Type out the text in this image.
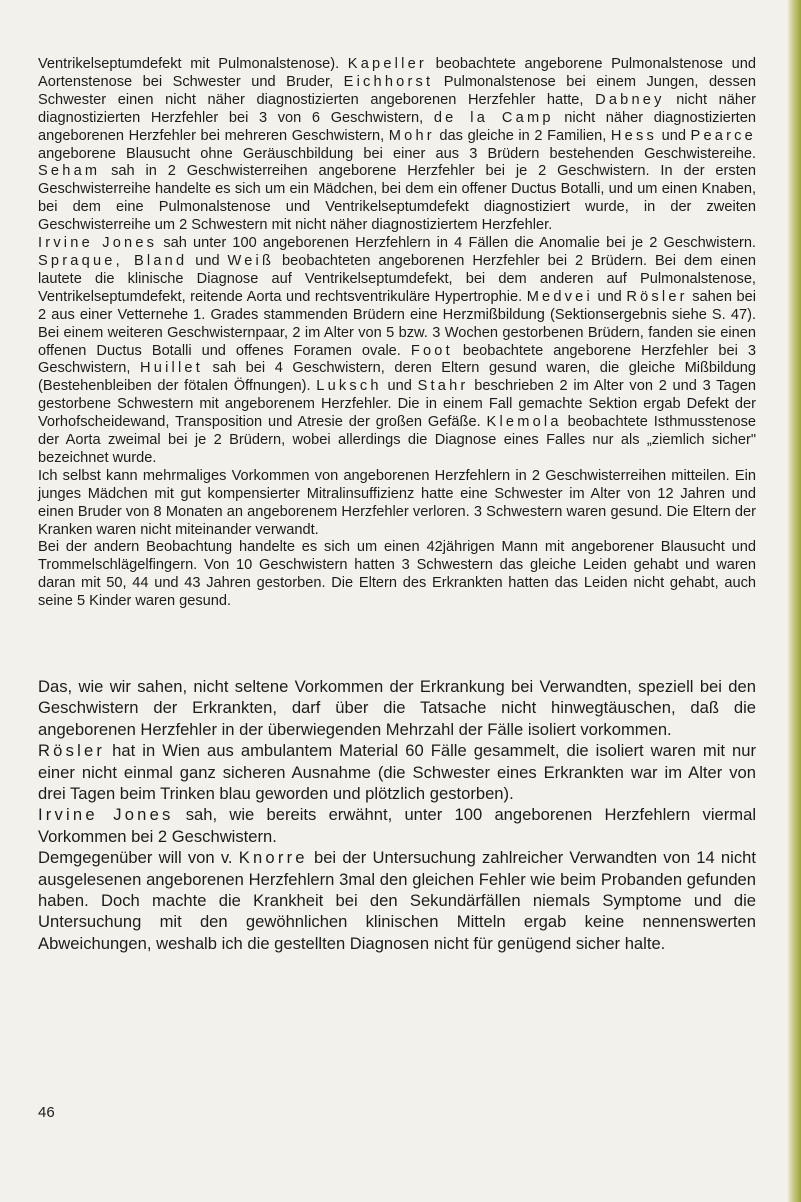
Ventrikelseptumdefekt mit Pulmonalstenose). Kapeller beobachtete angeborene Pulmonalstenose und Aortenstenose bei Schwester und Bruder, Eichhorst Pulmonalstenose bei einem Jungen, dessen Schwester einen nicht näher diagnostizierten angeborenen Herzfehler hatte, Dabney nicht näher diagnostizierten Herzfehler bei 3 von 6 Geschwistern, de la Camp nicht näher diagnostizierten angeborenen Herzfehler bei mehreren Geschwistern, Mohr das gleiche in 2 Familien, Hess und Pearce angeborene Blausucht ohne Geräuschbildung bei einer aus 3 Brüdern bestehenden Geschwistereihe. Seham sah in 2 Geschwisterreihen angeborene Herzfehler bei je 2 Geschwistern. In der ersten Geschwisterreihe handelte es sich um ein Mädchen, bei dem ein offener Ductus Botalli, und um einen Knaben, bei dem eine Pulmonalstenose und Ventrikelseptumdefekt diagnostiziert wurde, in der zweiten Geschwisterreihe um 2 Schwestern mit nicht näher diagnostiziertem Herzfehler.

Irvine Jones sah unter 100 angeborenen Herzfehlern in 4 Fällen die Anomalie bei je 2 Geschwistern. Spraque, Bland und Weiß beobachteten angeborenen Herzfehler bei 2 Brüdern. Bei dem einen lautete die klinische Diagnose auf Ventrikelseptumdefekt, bei dem anderen auf Pulmonalstenose, Ventrikelseptumdefekt, reitende Aorta und rechtsventrikuläre Hypertrophie. Medvei und Rösler sahen bei 2 aus einer Vetternehe 1. Grades stammenden Brüdern eine Herzmißbildung (Sektionsergebnis siehe S. 47). Bei einem weiteren Geschwisternpaar, 2 im Alter von 5 bzw. 3 Wochen gestorbenen Brüdern, fanden sie einen offenen Ductus Botalli und offenes Foramen ovale. Foot beobachtete angeborene Herzfehler bei 3 Geschwistern, Huillet sah bei 4 Geschwistern, deren Eltern gesund waren, die gleiche Mißbildung (Bestehenbleiben der fötalen Öffnungen). Luksch und Stahr beschrieben 2 im Alter von 2 und 3 Tagen gestorbene Schwestern mit angeborenem Herzfehler. Die in einem Fall gemachte Sektion ergab Defekt der Vorhofscheidewand, Transposition und Atresie der großen Gefäße. Klemola beobachtete Isthmusstenose der Aorta zweimal bei je 2 Brüdern, wobei allerdings die Diagnose eines Falles nur als „ziemlich sicher" bezeichnet wurde.

Ich selbst kann mehrmaliges Vorkommen von angeborenen Herzfehlern in 2 Geschwisterreihen mitteilen. Ein junges Mädchen mit gut kompensierter Mitralinsuffizienz hatte eine Schwester im Alter von 12 Jahren und einen Bruder von 8 Monaten an angeborenem Herzfehler verloren. 3 Schwestern waren gesund. Die Eltern der Kranken waren nicht miteinander verwandt.

Bei der andern Beobachtung handelte es sich um einen 42jährigen Mann mit angeborener Blausucht und Trommelschlägelfingern. Von 10 Geschwistern hatten 3 Schwestern das gleiche Leiden gehabt und waren daran mit 50, 44 und 43 Jahren gestorben. Die Eltern des Erkrankten hatten das Leiden nicht gehabt, auch seine 5 Kinder waren gesund.

Das, wie wir sahen, nicht seltene Vorkommen der Erkrankung bei Verwandten, speziell bei den Geschwistern der Erkrankten, darf über die Tatsache nicht hinwegtäuschen, daß die angeborenen Herzfehler in der überwiegenden Mehrzahl der Fälle isoliert vorkommen.

Rösler hat in Wien aus ambulantem Material 60 Fälle gesammelt, die isoliert waren mit nur einer nicht einmal ganz sicheren Ausnahme (die Schwester eines Erkrankten war im Alter von drei Tagen beim Trinken blau geworden und plötzlich gestorben).

Irvine Jones sah, wie bereits erwähnt, unter 100 angeborenen Herzfehlern viermal Vorkommen bei 2 Geschwistern.

Demgegenüber will von v. Knorre bei der Untersuchung zahlreicher Verwandten von 14 nicht ausgelesenen angeborenen Herzfehlern 3mal den gleichen Fehler wie beim Probanden gefunden haben. Doch machte die Krankheit bei den Sekundärfällen niemals Symptome und die Untersuchung mit den gewöhnlichen klinischen Mitteln ergab keine nennenswerten Abweichungen, weshalb ich die gestellten Diagnosen nicht für genügend sicher halte.

46
